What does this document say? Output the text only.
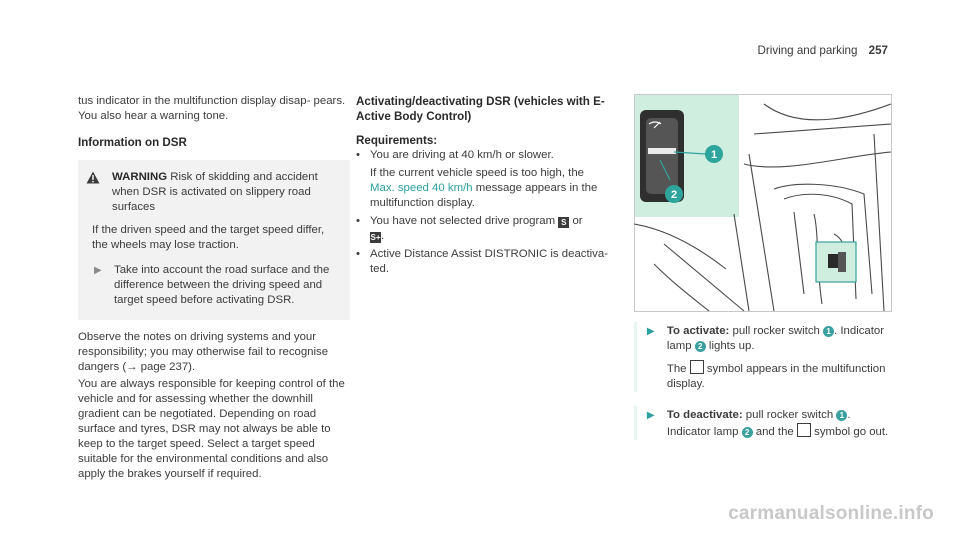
Driving and parking 257

tus indicator in the multifunction display disap- pears. You also hear a warning tone.

Information on DSR
WARNING Risk of skidding and accident when DSR is activated on slippery road surfaces

If the driven speed and the target speed differ, the wheels may lose traction.

▶	Take into account the road surface and the difference between the driving speed and target speed before activating DSR.

Observe the notes on driving systems and your responsibility; you may otherwise fail to recognise dangers (→ page 237).

You are always responsible for keeping control of the vehicle and for assessing whether the downhill gradient can be negotiated. Depending on road surface and tyres, DSR may not always be able to keep to the target speed. Select a target speed suitable for the environmental conditions and also apply the brakes yourself if required.

Activating/deactivating DSR (vehicles with E-
Active Body Control)
Requirements:
• You are driving at 40 km/h or slower.

If the current vehicle speed is too high, the
Max. speed 40 km/h message appears in the multifunction display.

• You have not selected drive program S or
S+.
• Active Distance Assist DISTRONIC is deactiva- ted.
1
2
▶	To activate: pull rocker switch 1 . Indicator lamp 2 lights up.

The symbol appears in the multifunction display.

▶	To deactivate: pull rocker switch 1 . Indicator lamp 2 and the symbol go out.
carmanualsonline.info
